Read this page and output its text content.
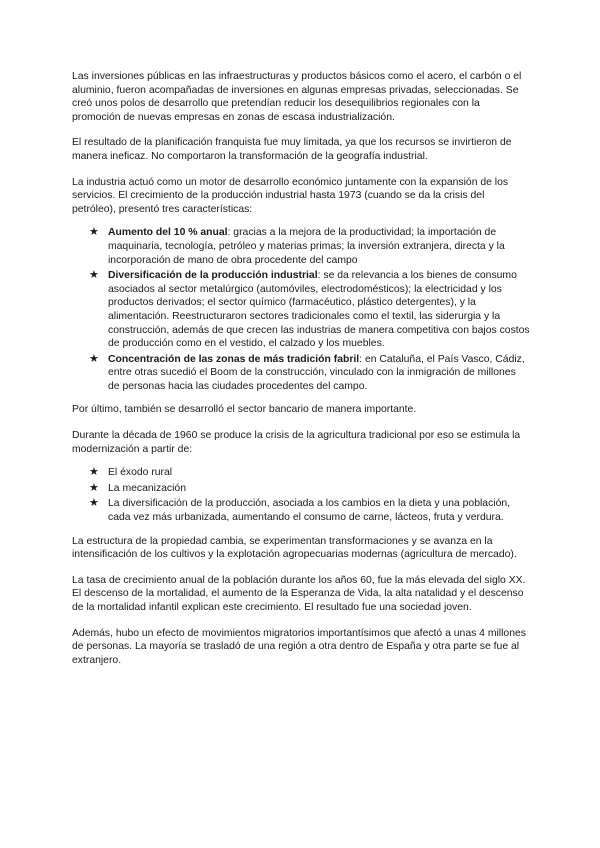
Las inversiones públicas en las infraestructuras y productos básicos como el acero, el carbón o el aluminio, fueron acompañadas de inversiones en algunas empresas privadas, seleccionadas. Se creó unos polos de desarrollo que pretendían reducir los desequilibrios regionales con la promoción de nuevas empresas en zonas de escasa industrialización.

El resultado de la planificación franquista fue muy limitada, ya que los recursos se invirtieron de manera ineficaz. No comportaron la transformación de la geografía industrial.

La industria actuó como un motor de desarrollo económico juntamente con la expansión de los servicios. El crecimiento de la producción industrial hasta 1973 (cuando se da la crisis del petróleo), presentó tres características:

★ Aumento del 10 % anual: gracias a la mejora de la productividad; la importación de maquinaria, tecnología, petróleo y materias primas; la inversión extranjera, directa y la incorporación de mano de obra procedente del campo
★ Diversificación de la producción industrial: se da relevancia a los bienes de consumo asociados al sector metalúrgico (automóviles, electrodomésticos); la electricidad y los productos derivados; el sector químico (farmacéutico, plástico detergentes), y la alimentación. Reestructuraron sectores tradicionales como el textil, las siderurgia y la construcción, además de que crecen las industrias de manera competitiva con bajos costos de producción como en el vestido, el calzado y los muebles.
★ Concentración de las zonas de más tradición fabril: en Cataluña, el País Vasco, Cádiz, entre otras sucedió el Boom de la construcción, vinculado con la inmigración de millones de personas hacia las ciudades procedentes del campo.

Por último, también se desarrolló el sector bancario de manera importante.

Durante la década de 1960 se produce la crisis de la agricultura tradicional por eso se estimula la modernización a partir de:

★ El éxodo rural
★ La mecanización
★ La diversificación de la producción, asociada a los cambios en la dieta y una población, cada vez más urbanizada, aumentando el consumo de carne, lácteos, fruta y verdura.

La estructura de la propiedad cambia, se experimentan transformaciones y se avanza en la intensificación de los cultivos y la explotación agropecuarias modernas (agricultura de mercado).

La tasa de crecimiento anual de la población durante los años 60, fue la más elevada del siglo XX. El descenso de la mortalidad, el aumento de la Esperanza de Vida, la alta natalidad y el descenso de la mortalidad infantil explican este crecimiento. El resultado fue una sociedad joven.

Además, hubo un efecto de movimientos migratorios importantísimos que afectó a unas 4 millones de personas. La mayoría se trasladó de una región a otra dentro de España y otra parte se fue al extranjero.
